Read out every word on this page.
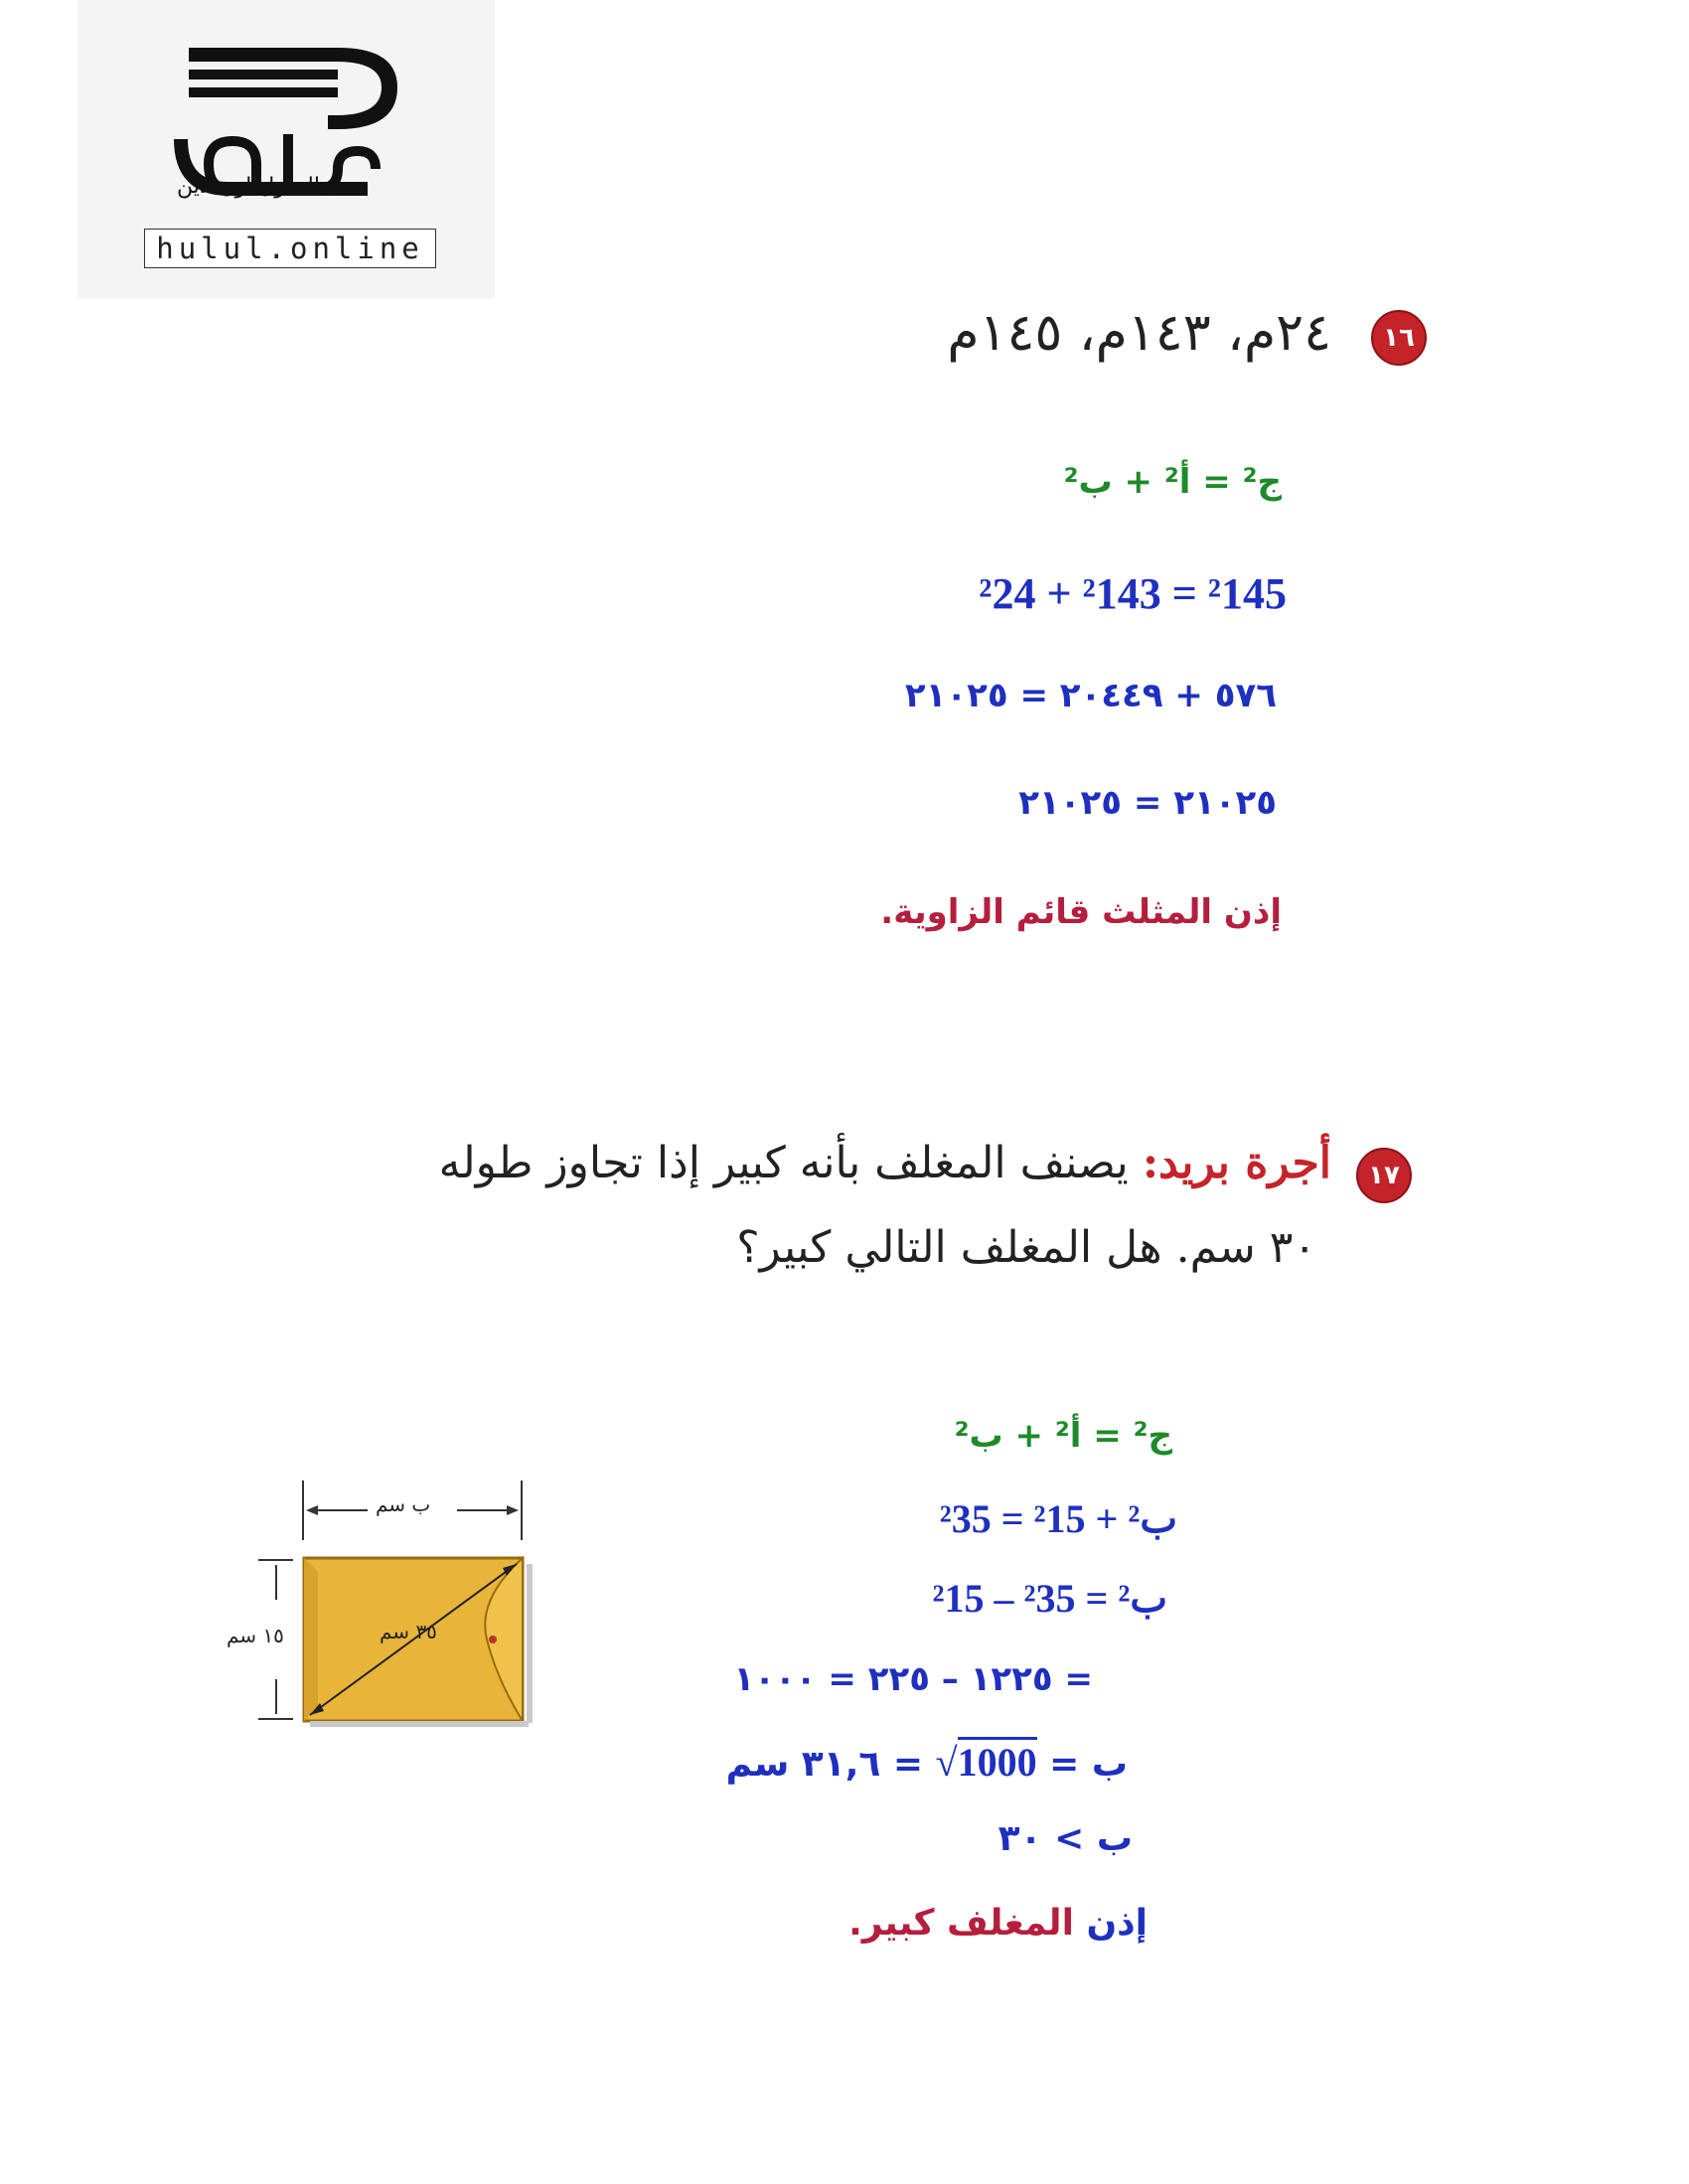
الحلول اون لاين
hulul.online
١٦
٢٤م، ١٤٣م، ١٤٥م
ج² = أ² + ب²
²24 + ²143 = ²145
٥٧٦ + ٢٠٤٤٩ = ٢١٠٢٥
٢١٠٢٥ = ٢١٠٢٥
إذن المثلث قائم الزاوية.
١٧
أجرة بريد: يصنف المغلف بأنه كبير إذا تجاوز طوله
٣٠ سم. هل المغلف التالي كبير؟
ج² = أ² + ب²
²35 = ²15 + ب²
ب² = ²35 – ²15
= ١٢٢٥ – ٢٢٥ = ١٠٠٠
ب = √1000 = ٣١,٦ سم
ب > ٣٠
إذن المغلف كبير.
ب سم
١٥ سم	٣٥ سم
